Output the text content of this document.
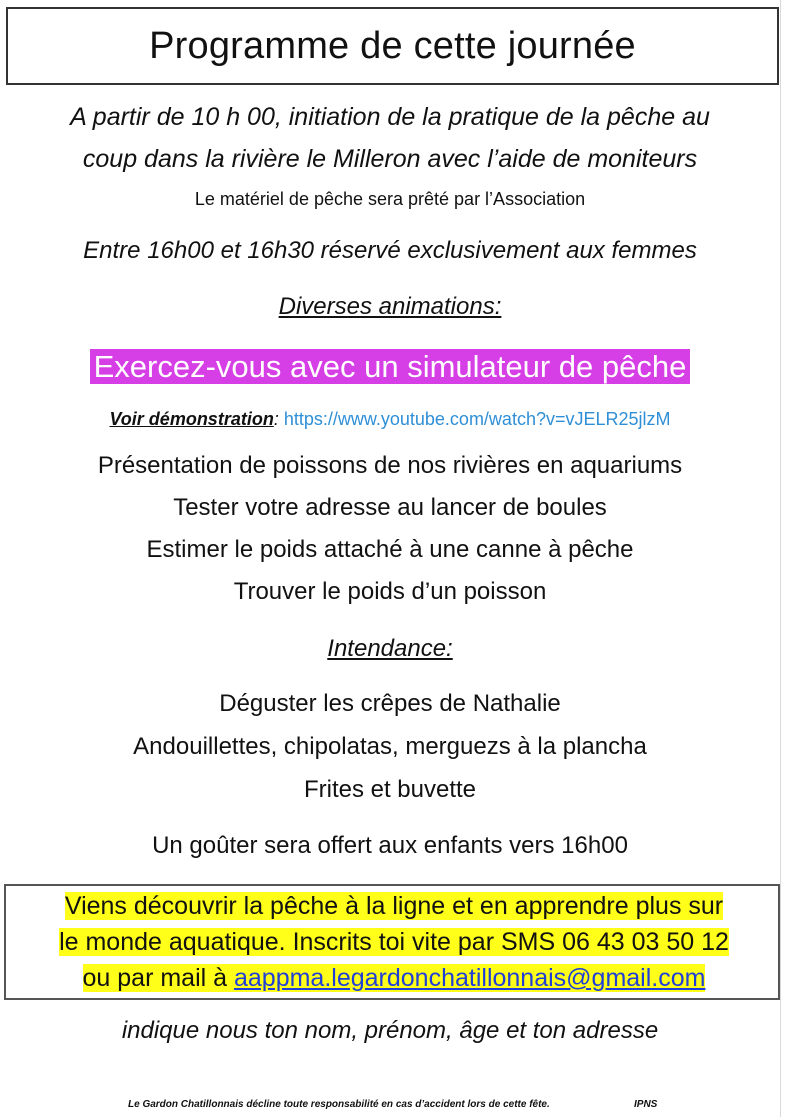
Programme de cette journée
A partir de 10 h 00, initiation de la pratique de la pêche au
coup dans la rivière le Milleron avec l’aide de moniteurs
Le matériel de pêche sera prêté par l’Association
Entre 16h00 et 16h30 réservé exclusivement aux femmes
Diverses animations:
Exercez-vous avec un simulateur de pêche
Voir démonstration: https://www.youtube.com/watch?v=vJELR25jlzM
Présentation de poissons de nos rivières en aquariums
Tester votre adresse au lancer de boules
Estimer le poids attaché à une canne à pêche
Trouver le poids d’un poisson
Intendance:
Déguster les crêpes de Nathalie
Andouillettes, chipolatas, merguezs à la plancha
Frites et buvette
Un goûter sera offert aux enfants vers 16h00
Viens découvrir la pêche à la ligne et en apprendre plus sur
le monde aquatique. Inscrits toi vite par SMS 06 43 03 50 12
ou par mail à aappma.legardonchatillonnais@gmail.com
indique nous ton nom, prénom, âge et ton adresse
Le Gardon Chatillonnais décline toute responsabilité en cas d’accident lors de cette fête.	IPNS
